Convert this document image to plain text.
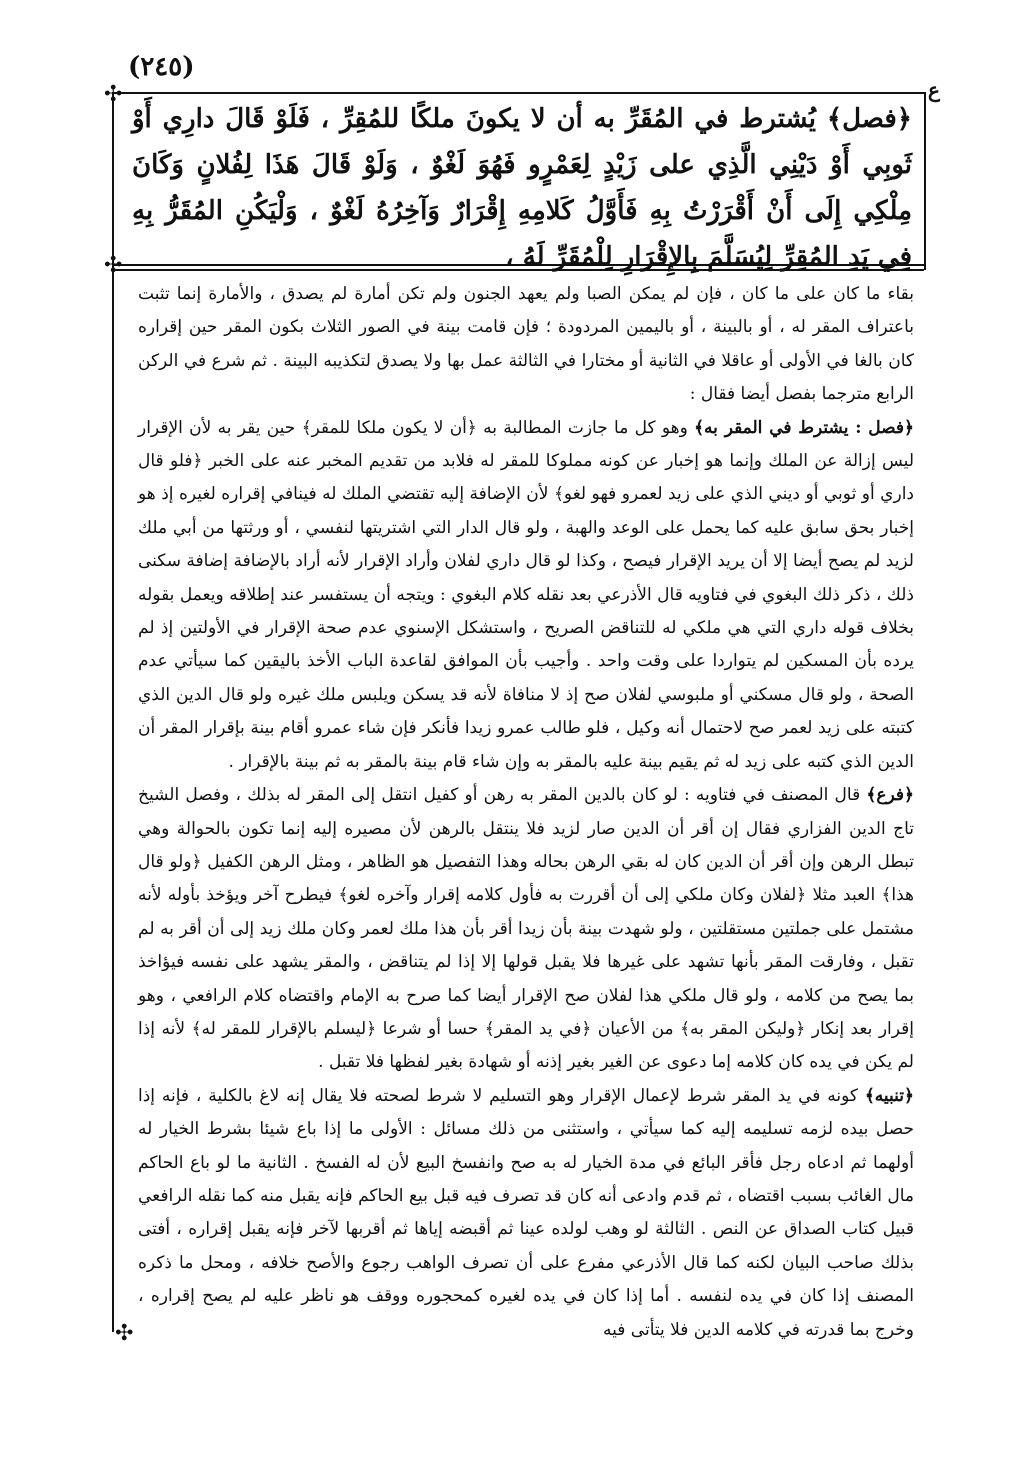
(٢٤٥)
ع
✣
✣
✣
﴿فصل﴾ يُشترط في المُقَرِّ به أن لا يكونَ ملكًا للمُقِرِّ ، فَلَوْ قَالَ دارِي أَوْ ثَوبِي أَوْ دَيْنِي الَّذِي على زَيْدٍ لِعَمْرٍو فَهُوَ لَغْوٌ ، وَلَوْ قَالَ هَذَا لِفُلانٍ وَكَانَ مِلْكِي إِلَى أَنْ أَقْرَرْتُ بِهِ فَأَوَّلُ كَلامِهِ إِقْرَارٌ وَآخِرُهُ لَغْوٌ ، وَلْيَكُنِ المُقَرُّ بِهِ فِي يَدِ المُقِرِّ لِيُسَلَّمَ بِالإِقْرَارِ لِلْمُقَرِّ لَهُ ،

بقاء ما كان على ما كان ، فإن لم يمكن الصبا ولم يعهد الجنون ولم تكن أمارة لم يصدق ، والأمارة إنما تثبت باعتراف المقر له ، أو بالبينة ، أو باليمين المردودة ؛ فإن قامت بينة في الصور الثلاث بكون المقر حين إقراره كان بالغا في الأولى أو عاقلا في الثانية أو مختارا في الثالثة عمل بها ولا يصدق لتكذيبه البينة . ثم شرع في الركن الرابع مترجما بفصل أيضا فقال :

﴿فصل : يشترط في المقر به﴾ وهو كل ما جازت المطالبة به ﴿أن لا يكون ملكا للمقر﴾ حين يقر به لأن الإقرار ليس إزالة عن الملك وإنما هو إخبار عن كونه مملوكا للمقر له فلابد من تقديم المخبر عنه على الخبر ﴿فلو قال داري أو ثوبي أو ديني الذي على زيد لعمرو فهو لغو﴾ لأن الإضافة إليه تقتضي الملك له فينافي إقراره لغيره إذ هو إخبار بحق سابق عليه كما يحمل على الوعد والهبة ، ولو قال الدار التي اشتريتها لنفسي ، أو ورثتها من أبي ملك لزيد لم يصح أيضا إلا أن يريد الإقرار فيصح ، وكذا لو قال داري لفلان وأراد الإقرار لأنه أراد بالإضافة إضافة سكنى ذلك ، ذكر ذلك البغوي في فتاويه قال الأذرعي بعد نقله كلام البغوي : ويتجه أن يستفسر عند إطلاقه ويعمل بقوله بخلاف قوله داري التي هي ملكي له للتناقض الصريح ، واستشكل الإسنوي عدم صحة الإقرار في الأولتين إذ لم يرده بأن المسكين لم يتواردا على وقت واحد . وأجيب بأن الموافق لقاعدة الباب الأخذ باليقين كما سيأتي عدم الصحة ، ولو قال مسكني أو ملبوسي لفلان صح إذ لا منافاة لأنه قد يسكن ويلبس ملك غيره ولو قال الدين الذي كتبته على زيد لعمر صح لاحتمال أنه وكيل ، فلو طالب عمرو زيدا فأنكر فإن شاء عمرو أقام بينة بإقرار المقر أن الدين الذي كتبه على زيد له ثم يقيم بينة عليه بالمقر به وإن شاء قام بينة بالمقر به ثم بينة بالإقرار .

﴿فرع﴾ قال المصنف في فتاويه : لو كان بالدين المقر به رهن أو كفيل انتقل إلى المقر له بذلك ، وفصل الشيخ تاج الدين الفزاري فقال إن أقر أن الدين صار لزيد فلا ينتقل بالرهن لأن مصيره إليه إنما تكون بالحوالة وهي تبطل الرهن وإن أقر أن الدين كان له بقي الرهن بحاله وهذا التفصيل هو الظاهر ، ومثل الرهن الكفيل ﴿ولو قال هذا﴾ العبد مثلا ﴿لفلان وكان ملكي إلى أن أقررت به فأول كلامه إقرار وآخره لغو﴾ فيطرح آخر ويؤخذ بأوله لأنه مشتمل على جملتين مستقلتين ، ولو شهدت بينة بأن زيدا أقر بأن هذا ملك لعمر وكان ملك زيد إلى أن أقر به لم تقبل ، وفارقت المقر بأنها تشهد على غيرها فلا يقبل قولها إلا إذا لم يتناقض ، والمقر يشهد على نفسه فيؤاخذ بما يصح من كلامه ، ولو قال ملكي هذا لفلان صح الإقرار أيضا كما صرح به الإمام واقتضاه كلام الرافعي ، وهو إقرار بعد إنكار ﴿وليكن المقر به﴾ من الأعيان ﴿في يد المقر﴾ حسا أو شرعا ﴿ليسلم بالإقرار للمقر له﴾ لأنه إذا لم يكن في يده كان كلامه إما دعوى عن الغير بغير إذنه أو شهادة بغير لفظها فلا تقبل .

﴿تنبيه﴾ كونه في يد المقر شرط لإعمال الإقرار وهو التسليم لا شرط لصحته فلا يقال إنه لاغ بالكلية ، فإنه إذا حصل بيده لزمه تسليمه إليه كما سيأتي ، واستثنى من ذلك مسائل : الأولى ما إذا باع شيئا بشرط الخيار له أولهما ثم ادعاه رجل فأقر البائع في مدة الخيار له به صح وانفسخ البيع لأن له الفسخ . الثانية ما لو باع الحاكم مال الغائب بسبب اقتضاه ، ثم قدم وادعى أنه كان قد تصرف فيه قبل بيع الحاكم فإنه يقبل منه كما نقله الرافعي قبيل كتاب الصداق عن النص . الثالثة لو وهب لولده عينا ثم أقبضه إياها ثم أقربها لآخر فإنه يقبل إقراره ، أفتى بذلك صاحب البيان لكنه كما قال الأذرعي مفرع على أن تصرف الواهب رجوع والأصح خلافه ، ومحل ما ذكره المصنف إذا كان في يده لنفسه . أما إذا كان في يده لغيره كمحجوره ووقف هو ناظر عليه لم يصح إقراره ، وخرج بما قدرته في كلامه الدين فلا يتأتى فيه
